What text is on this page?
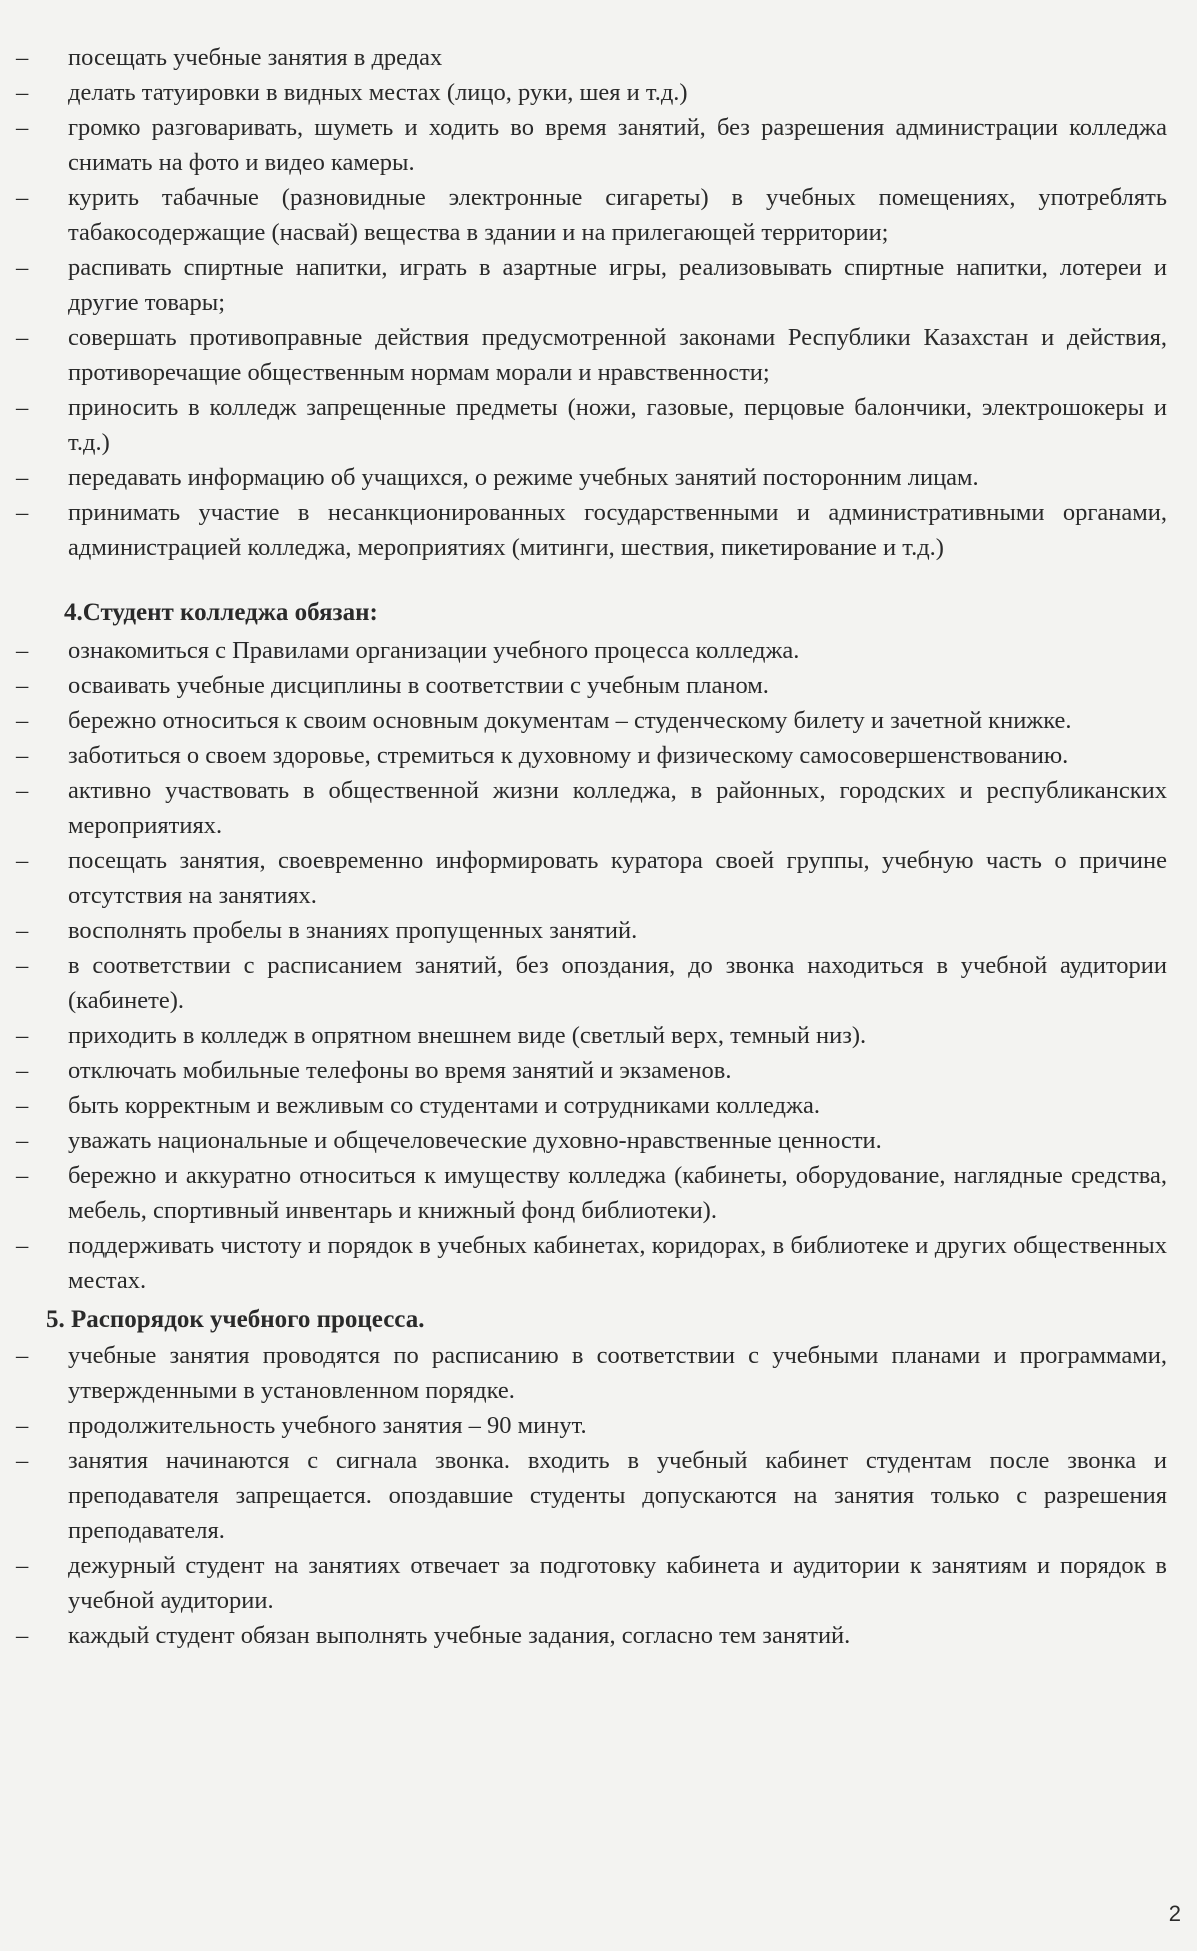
– посещать учебные занятия в дредах
– делать татуировки в видных местах (лицо, руки, шея и т.д.)
– громко разговаривать, шуметь и ходить во время занятий, без разрешения администрации колледжа снимать на фото и видео камеры.
– курить табачные (разновидные электронные сигареты) в учебных помещениях, употреблять табакосодержащие (насвай) вещества в здании и на прилегающей территории;
– распивать спиртные напитки, играть в азартные игры, реализовывать спиртные напитки, лотереи и другие товары;
– совершать противоправные действия предусмотренной законами Республики Казахстан и действия, противоречащие общественным нормам морали и нравственности;
– приносить в колледж запрещенные предметы (ножи, газовые, перцовые балончики, электрошокеры и т.д.)
– передавать информацию об учащихся, о режиме учебных занятий посторонним лицам.
– принимать участие в несанкционированных государственными и административными органами, администрацией колледжа, мероприятиях (митинги, шествия, пикетирование и т.д.)
4.Студент колледжа обязан:
– ознакомиться с Правилами организации учебного процесса колледжа.
– осваивать учебные дисциплины в соответствии с учебным планом.
– бережно относиться к своим основным документам – студенческому билету и зачетной книжке.
– заботиться о своем здоровье, стремиться к духовному и физическому самосовершенствованию.
– активно участвовать в общественной жизни колледжа, в районных, городских и республиканских мероприятиях.
– посещать занятия, своевременно информировать куратора своей группы, учебную часть о причине отсутствия на занятиях.
– восполнять пробелы в знаниях пропущенных занятий.
– в соответствии с расписанием занятий, без опоздания, до звонка находиться в учебной аудитории (кабинете).
– приходить в колледж в опрятном внешнем виде (светлый верх, темный низ).
– отключать мобильные телефоны во время занятий и экзаменов.
– быть корректным и вежливым со студентами и сотрудниками колледжа.
– уважать национальные и общечеловеческие духовно-нравственные ценности.
– бережно и аккуратно относиться к имуществу колледжа (кабинеты, оборудование, наглядные средства, мебель, спортивный инвентарь и книжный фонд библиотеки).
– поддерживать чистоту и порядок в учебных кабинетах, коридорах, в библиотеке и других общественных местах.
5. Распорядок учебного процесса.
– учебные занятия проводятся по расписанию в соответствии с учебными планами и программами, утвержденными в установленном порядке.
– продолжительность учебного занятия – 90 минут.
– занятия начинаются с сигнала звонка. входить в учебный кабинет студентам после звонка и преподавателя запрещается. опоздавшие студенты допускаются на занятия только с разрешения преподавателя.
– дежурный студент на занятиях отвечает за подготовку кабинета и аудитории к занятиям и порядок в учебной аудитории.
– каждый студент обязан выполнять учебные задания, согласно тем занятий.
2
